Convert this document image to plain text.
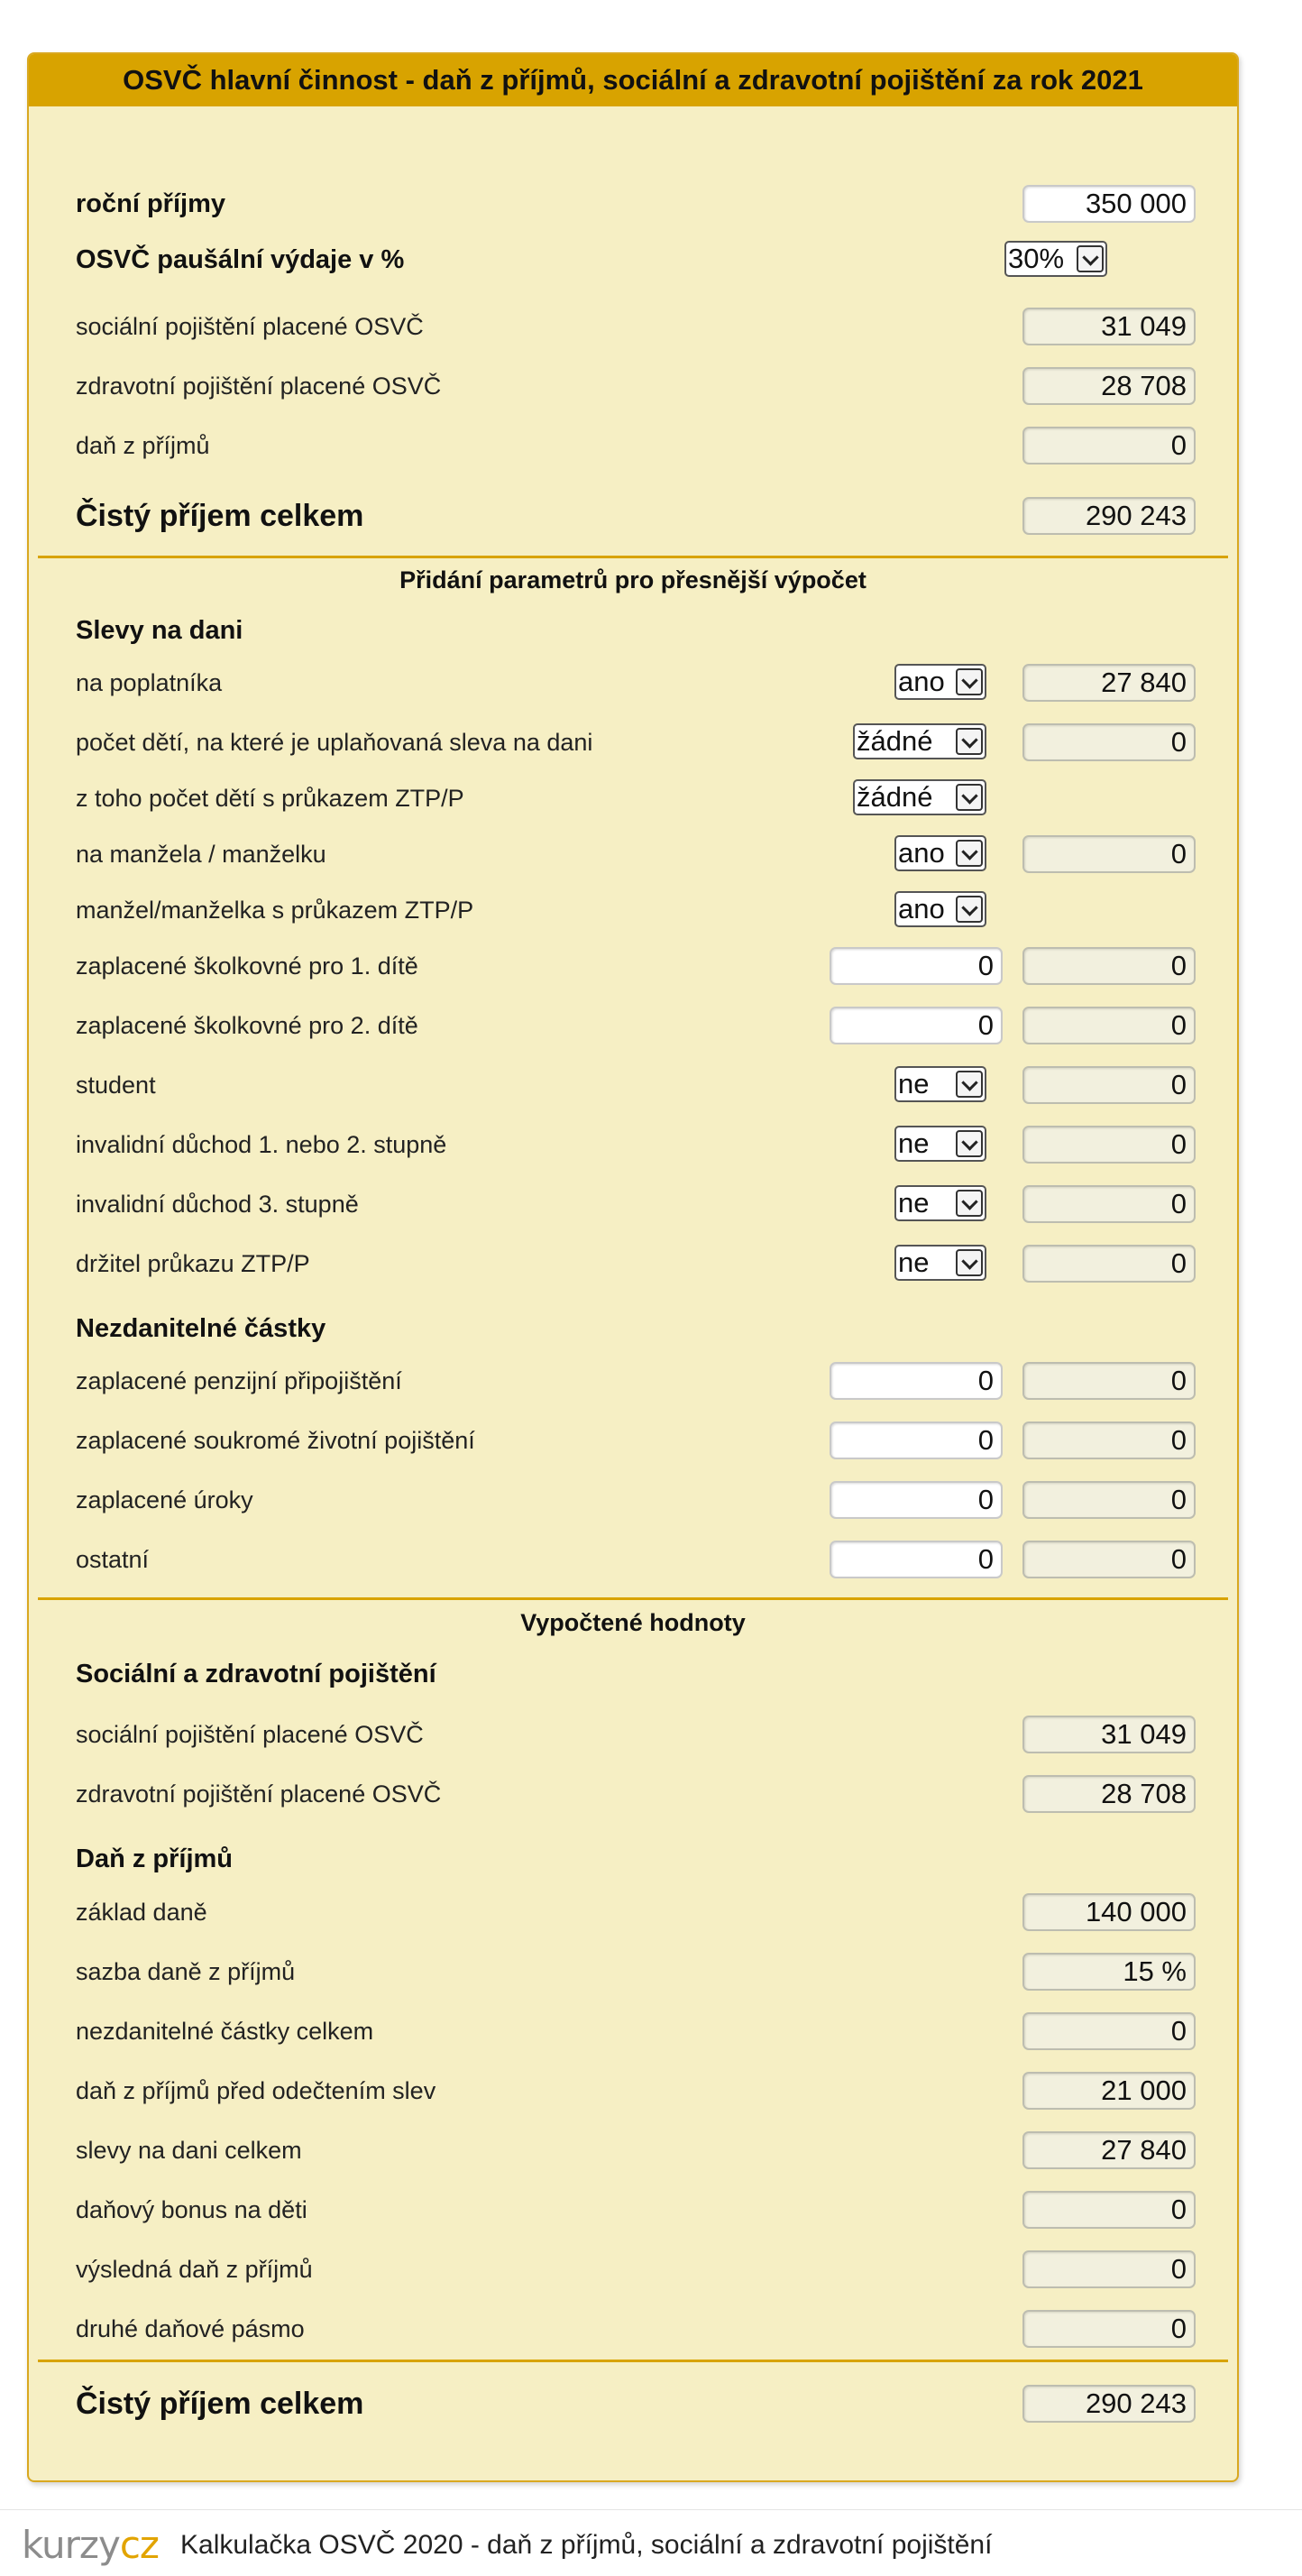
OSVČ hlavní činnost - daň z příjmů, sociální a zdravotní pojištění za rok 2021
roční příjmy	350 000
OSVČ paušální výdaje v %	30%
sociální pojištění placené OSVČ	31 049
zdravotní pojištění placené OSVČ	28 708
daň z příjmů	0
Čistý příjem celkem	290 243
Přidání parametrů pro přesnější výpočet
Slevy na dani
na poplatníka	ano	27 840
počet dětí, na které je uplaňovaná sleva na dani	žádné	0
z toho počet dětí s průkazem ZTP/P	žádné
na manžela / manželku	ano	0
manžel/manželka s průkazem ZTP/P	ano
zaplacené školkovné pro 1. dítě	0	0
zaplacené školkovné pro 2. dítě	0	0
student	ne	0
invalidní důchod 1. nebo 2. stupně	ne	0
invalidní důchod 3. stupně	ne	0
držitel průkazu ZTP/P	ne	0
Nezdanitelné částky
zaplacené penzijní připojištění	0	0
zaplacené soukromé životní pojištění	0	0
zaplacené úroky	0	0
ostatní	0	0
Vypočtené hodnoty
Sociální a zdravotní pojištění
sociální pojištění placené OSVČ	31 049
zdravotní pojištění placené OSVČ	28 708
Daň z příjmů
základ daně	140 000
sazba daně z příjmů	15 %
nezdanitelné částky celkem	0
daň z příjmů před odečtením slev	21 000
slevy na dani celkem	27 840
daňový bonus na děti	0
výsledná daň z příjmů	0
druhé daňové pásmo	0
Čistý příjem celkem	290 243
kurzycz Kalkulačka OSVČ 2020 - daň z příjmů, sociální a zdravotní pojištění
